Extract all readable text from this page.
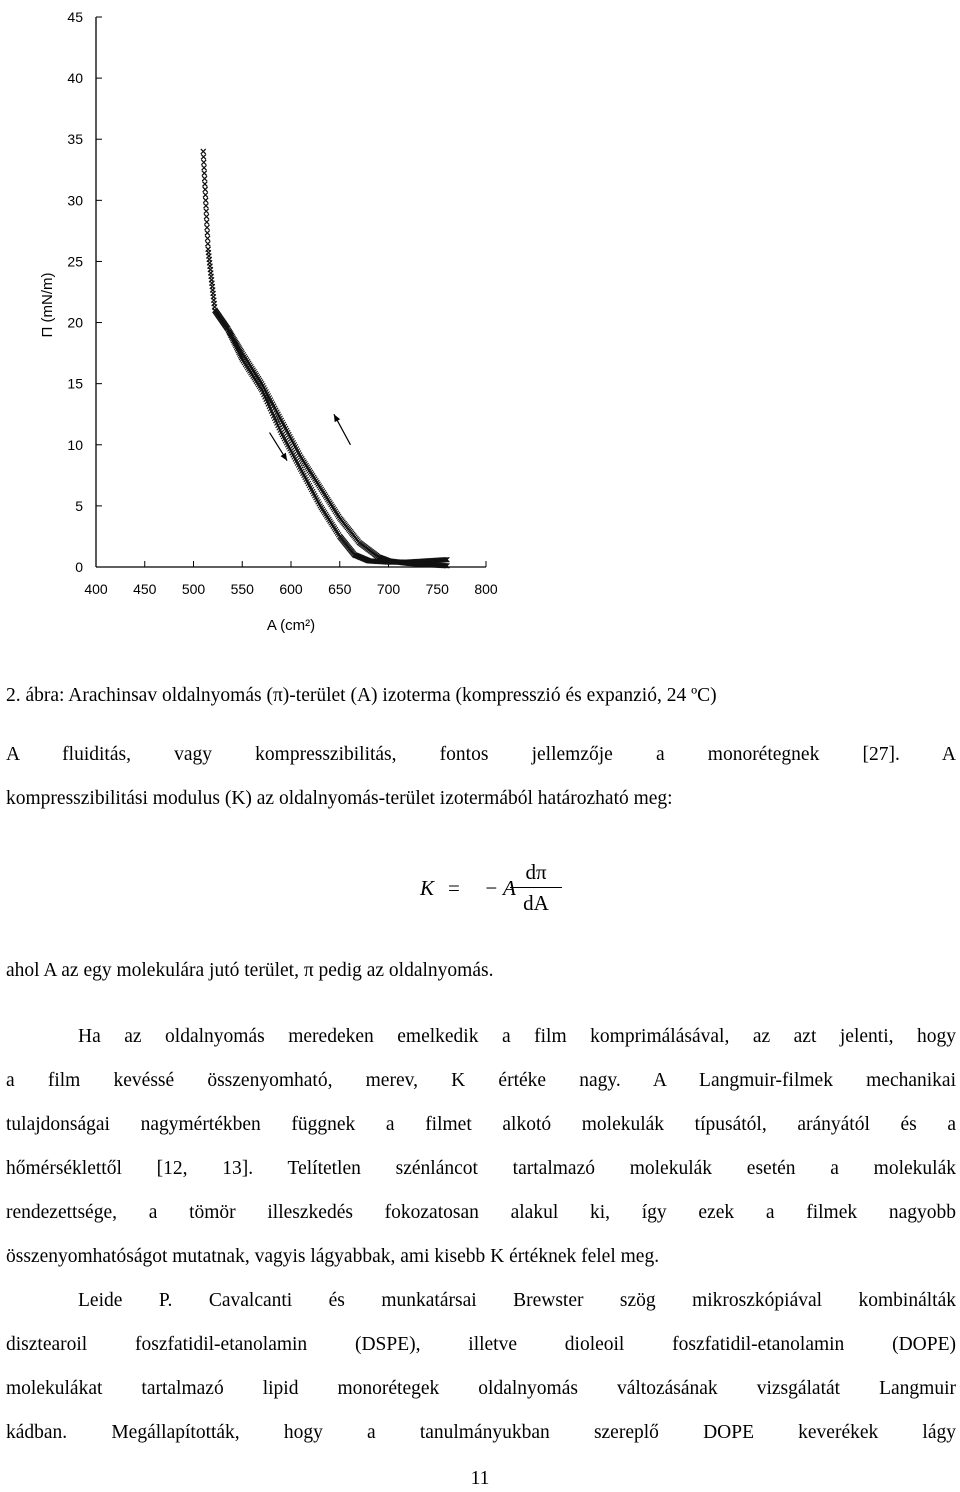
400 450 500 550 600 650 700 750 800
0
5
10
15
20
25
30
35
40
45
Π (mN/m)
A (cm²)
2. ábra: Arachinsav oldalnyomás (π)-terület (A) izoterma (kompresszió és expanzió, 24 ºC)
A fluiditás, vagy kompresszibilitás, fontos jellemzője a monorétegnek [27]. A
kompresszibilitási modulus (K) az oldalnyomás-terület izotermából határozható meg:
K = − A
dπ
dA
ahol A az egy molekulára jutó terület, π pedig az oldalnyomás.
Ha az oldalnyomás meredeken emelkedik a film komprimálásával, az azt jelenti, hogy
a film kevéssé összenyomható, merev, K értéke nagy. A Langmuir-filmek mechanikai
tulajdonságai nagymértékben függnek a filmet alkotó molekulák típusától, arányától és a
hőmérséklettől [12, 13]. Telítetlen szénláncot tartalmazó molekulák esetén a molekulák
rendezettsége, a tömör illeszkedés fokozatosan alakul ki, így ezek a filmek nagyobb
összenyomhatóságot mutatnak, vagyis lágyabbak, ami kisebb K értéknek felel meg.
Leide P. Cavalcanti és munkatársai Brewster szög mikroszkópiával kombinálták
disztearoil foszfatidil-etanolamin (DSPE), illetve dioleoil foszfatidil-etanolamin (DOPE)
molekulákat tartalmazó lipid monorétegek oldalnyomás változásának vizsgálatát Langmuir
kádban. Megállapították, hogy a tanulmányukban szereplő DOPE keverékek lágy
11
